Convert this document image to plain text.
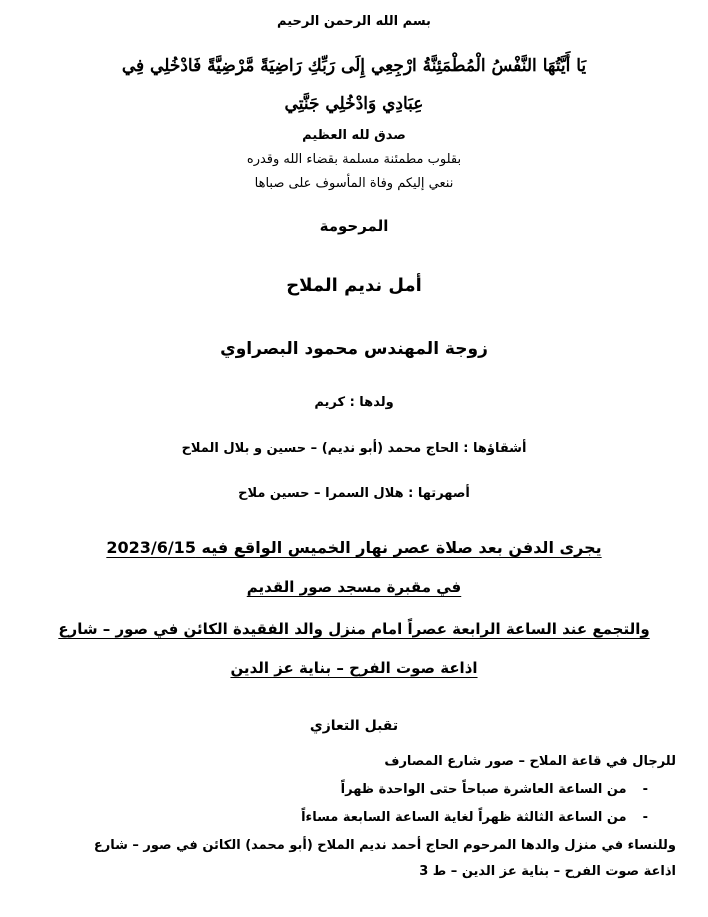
بسم الله الرحمن الرحيم
يَا أَيَّتُهَا النَّفْسُ الْمُطْمَئِنَّةُ ارْجِعِي إِلَى رَبِّكِ رَاضِيَةً مَّرْضِيَّةً فَادْخُلِي فِي
عِبَادِي وَادْخُلِي جَنَّتِي
صدق لله العظيم
بقلوب مطمئنة مسلمة بقضاء الله وقدره
ننعي إليكم وفاة المأسوف على صباها
المرحومة
أمل نديم الملاح
زوجة المهندس محمود البصراوي
ولدها : كريم
أشقاؤها : الحاج محمد (أبو نديم) – حسين و بلال الملاح
أصهرتها : هلال السمرا – حسين ملاح
يجرى الدفن بعد صلاة عصر نهار الخميس الواقع فيه 2023/6/15
في مقبرة مسجد صور القديم
والتجمع عند الساعة الرابعة عصراً امام منزل والد الفقيدة الكائن في صور – شارع
اذاعة صوت الفرح – بناية عز الدين
تقبل التعازي
للرجال في قاعة الملاح – صور شارع المصارف
-من الساعة العاشرة صباحاً حتى الواحدة ظهراً
-من الساعة الثالثة ظهراً لغاية الساعة السابعة مساءاً
وللنساء في منزل والدها المرحوم الحاج أحمد نديم الملاح (أبو محمد) الكائن في صور – شارع
اذاعة صوت الفرح – بناية عز الدين – ط 3
